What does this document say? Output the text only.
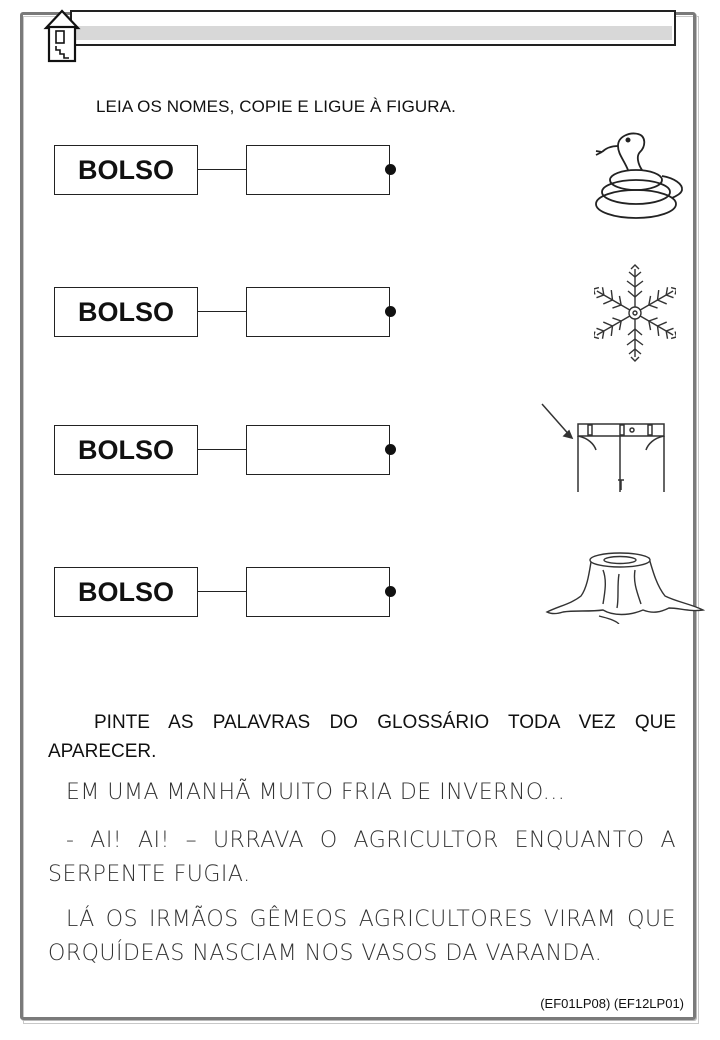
LEIA OS NOMES, COPIE E LIGUE À FIGURA.
BOLSO
BOLSO
BOLSO
BOLSO
PINTE AS PALAVRAS DO GLOSSÁRIO TODA VEZ QUE APARECER.
EM UMA MANHÃ MUITO FRIA DE INVERNO...
- AI! AI! – URRAVA O AGRICULTOR ENQUANTO A SERPENTE FUGIA.
LÁ OS IRMÃOS GÊMEOS AGRICULTORES VIRAM QUE ORQUÍDEAS NASCIAM NOS VASOS DA VARANDA.
(EF01LP08) (EF12LP01)
